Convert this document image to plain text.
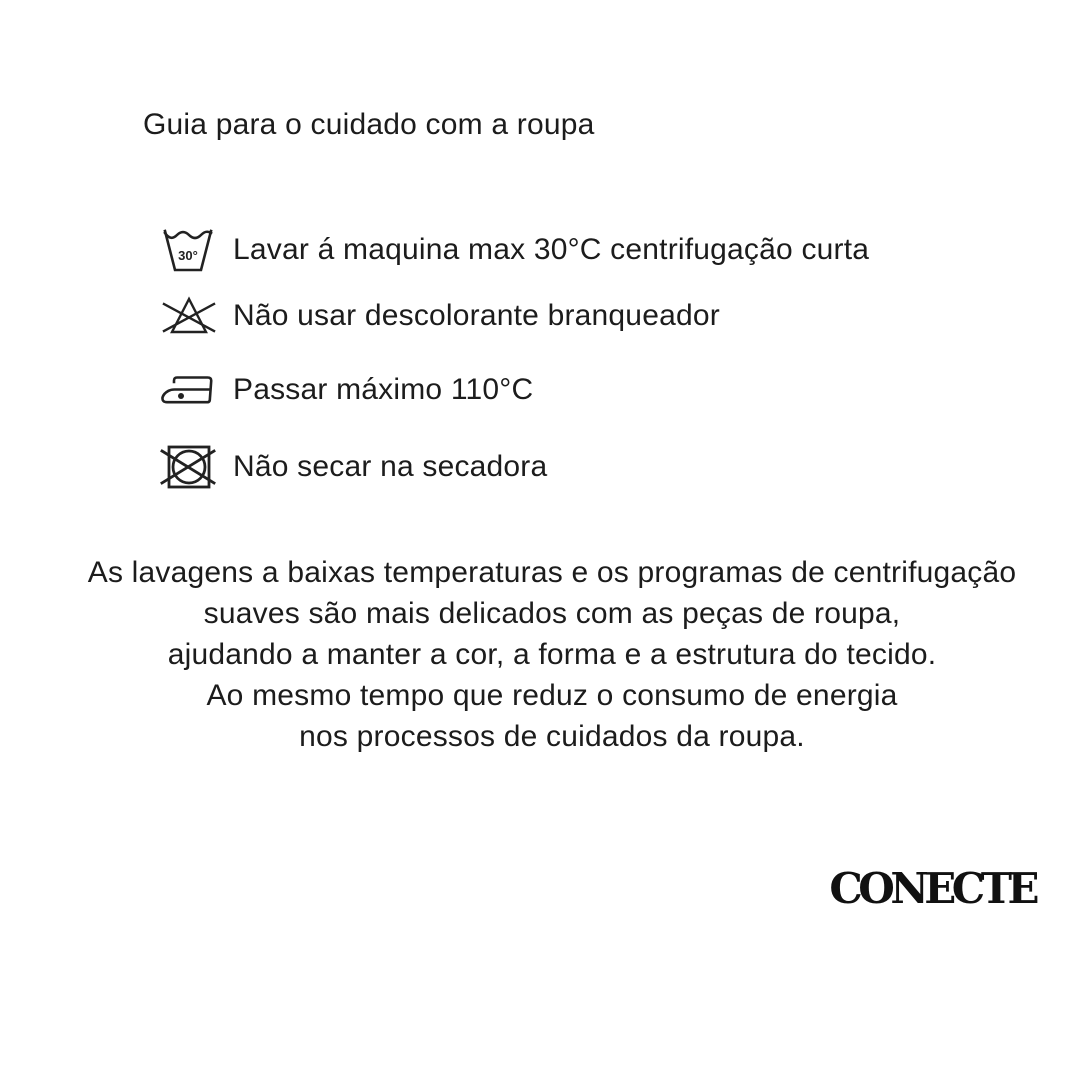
Guia para o cuidado com a roupa
30° Lavar á maquina max 30°C centrifugação curta
Não usar descolorante branqueador
Passar máximo 110°C
Não secar na secadora
As lavagens a baixas temperaturas e os programas de centrifugação
suaves são mais delicados com as peças de roupa,
ajudando a manter a cor, a forma e a estrutura do tecido.
Ao mesmo tempo que reduz o consumo de energia
nos processos de cuidados da roupa.
CONECTE
